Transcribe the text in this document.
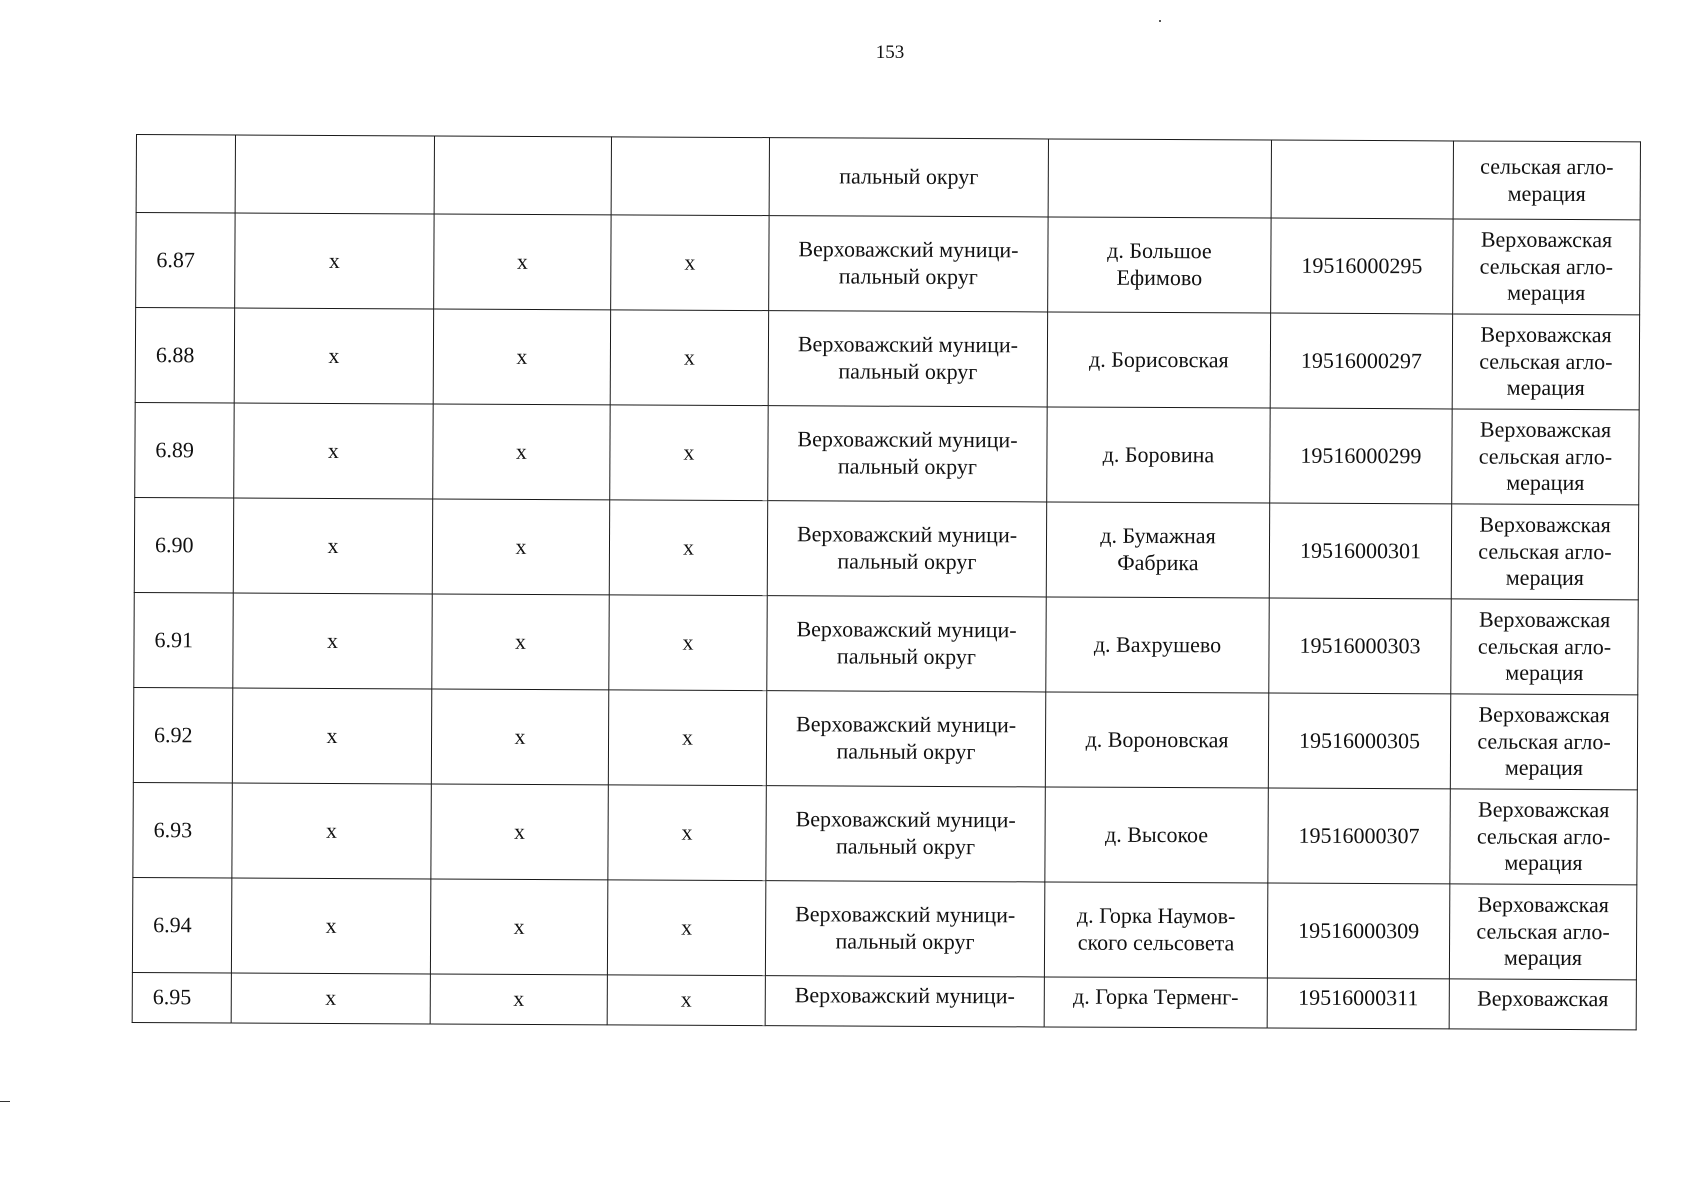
153
				пальный округ			сельская агло-
мерация
6.87	x	x	x	Верховажский муници-
пальный округ	д. Большое
Ефимово	19516000295	Верховажская
сельская агло-
мерация
6.88	x	x	x	Верховажский муници-
пальный округ	д. Борисовская	19516000297	Верховажская
сельская агло-
мерация
6.89	x	x	x	Верховажский муници-
пальный округ	д. Боровина	19516000299	Верховажская
сельская агло-
мерация
6.90	x	x	x	Верховажский муници-
пальный округ	д. Бумажная
Фабрика	19516000301	Верховажская
сельская агло-
мерация
6.91	x	x	x	Верховажский муници-
пальный округ	д. Вахрушево	19516000303	Верховажская
сельская агло-
мерация
6.92	x	x	x	Верховажский муници-
пальный округ	д. Вороновская	19516000305	Верховажская
сельская агло-
мерация
6.93	x	x	x	Верховажский муници-
пальный округ	д. Высокое	19516000307	Верховажская
сельская агло-
мерация
6.94	x	x	x	Верховажский муници-
пальный округ	д. Горка Наумов-
ского сельсовета	19516000309	Верховажская
сельская агло-
мерация
6.95	x	x	x	Верховажский муници-	д. Горка Терменг-	19516000311	Верховажская
